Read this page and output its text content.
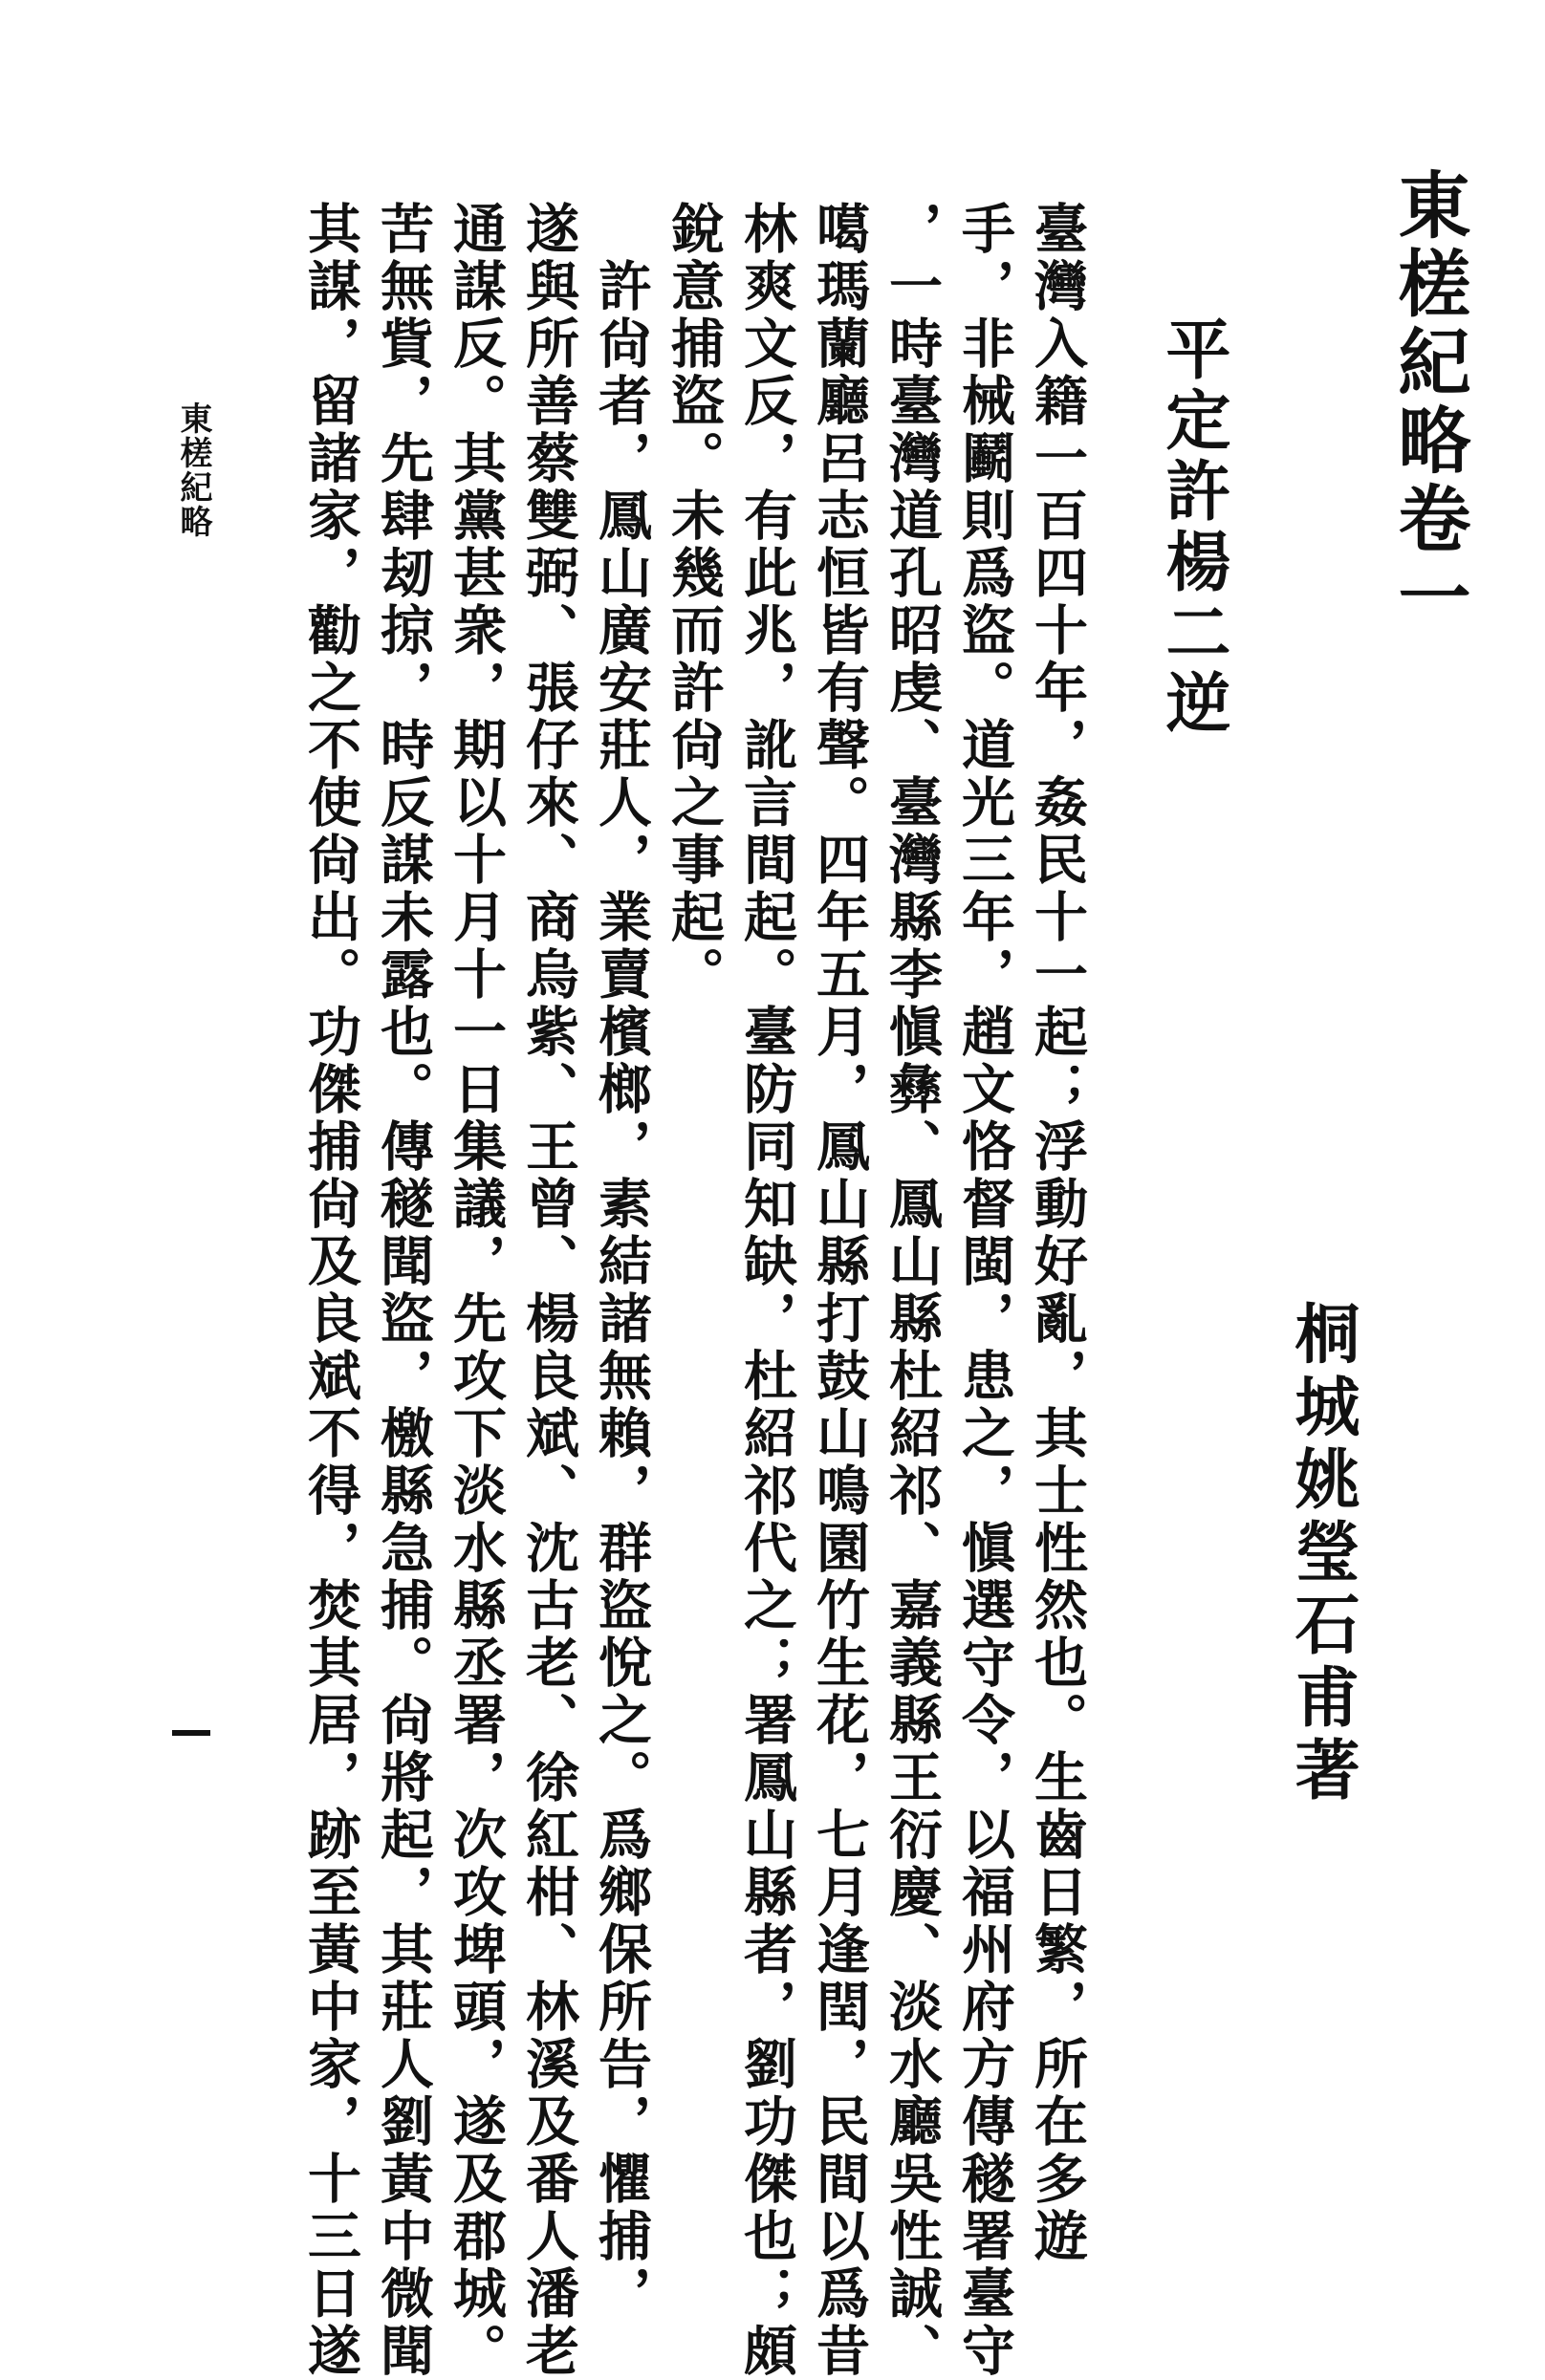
東槎紀略卷一
桐城姚瑩石甫著
平定許楊二逆
臺灣入籍一百四十年，姦民十一起；浮動好亂，其士性然也。生齒日繁，所在多遊
手，非械鬬則爲盜。道光三年，趙文恪督閩，患之，愼選守令，以福州府方傳穟署臺守
，一時臺灣道孔昭虔、臺灣縣李愼彝、鳳山縣杜紹祁、嘉義縣王衍慶、淡水廳吳性誠、
噶瑪蘭廳呂志恒皆有聲。四年五月，鳳山縣打鼓山鳴園竹生花，七月逢閏，民間以爲昔
林爽文反，有此兆，訛言間起。臺防同知缺，杜紹祁代之；署鳳山縣者，劉功傑也；頗
銳意捕盜。未幾而許尙之事起。
　許尙者，鳳山廣安莊人，業賣檳榔，素結諸無賴，群盜悅之。爲鄉保所告，懼捕，
遂與所善蔡雙弼、張仔來、商烏紫、王曾、楊良斌、沈古老、徐紅柑、林溪及番人潘老
通謀反。其黨甚衆，期以十月十一日集議，先攻下淡水縣丞署，次攻埤頭，遂及郡城。
苦無貲，先肆刼掠，時反謀未露也。傳穟聞盜，檄縣急捕。尙將起，其莊人劉黃中微聞
其謀，留諸家，勸之不使尙出。功傑捕尙及良斌不得，焚其居，跡至黃中家，十三日遂
東槎紀略
